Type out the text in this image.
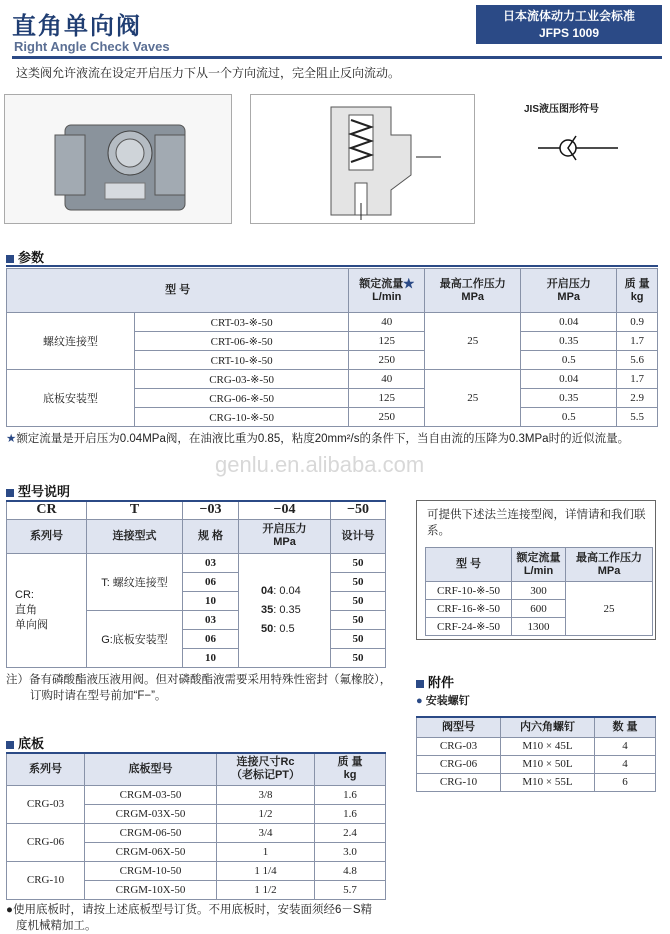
直角单向阀
Right Angle Check Vaves
日本流体动力工业会标准
JFPS 1009
这类阀允许液流在设定开启压力下从一个方向流过，完全阻止反向流动。
JIS液压图形符号
参数
型 号		额定流量★
L/min	最高工作压力
MPa	开启压力
MPa	质 量
kg
螺纹连接型	CRT-03-※-50	40	25	0.04	0.9
	CRT-06-※-50	125		0.35	1.7
	CRT-10-※-50	250		0.5	5.6
底板安装型	CRG-03-※-50	40	25	0.04	1.7
	CRG-06-※-50	125		0.35	2.9
	CRG-10-※-50	250		0.5	5.5
★额定流量是开启压为0.04MPa阀，在油液比重为0.85，粘度20mm²/s的条件下，当自由流的压降为0.3MPa时的近似流量。
genlu.en.alibaba.com
型号说明
CR	T	−03	−04	−50
系列号	连接型式	规 格	开启压力
MPa	设计号
CR:
直角
单向阀	T: 螺纹连接型	03	04: 0.04
35: 0.35
50: 0.5	50
		06		50
		10		50
	G:底板安装型	03		50
		06		50
		10		50
注）备有磷酸酯液压液用阀。但对磷酸酯液需要采用特殊性密封（氟橡胶），
订购时请在型号前加“F−”。
可提供下述法兰连接型阀，详情请和我们联系。
型 号	额定流量
L/min	最高工作压力
MPa
CRF-10-※-50	300	25
CRF-16-※-50	600	
CRF-24-※-50	1300	
附件
● 安装螺钉
阀型号	内六角螺钉	数 量
CRG-03	M10 × 45L	4
CRG-06	M10 × 50L	4
CRG-10	M10 × 55L	6
底板
系列号	底板型号	连接尺寸Rc
（老标记PT）	质 量
kg
CRG-03	CRGM-03-50	3/8	1.6
	CRGM-03X-50	1/2	1.6
CRG-06	CRGM-06-50	3/4	2.4
	CRGM-06X-50	1	3.0
CRG-10	CRGM-10-50	1 1/4	4.8
	CRGM-10X-50	1 1/2	5.7
●使用底板时，请按上述底板型号订货。不用底板时，安装面须经6－S精
度机械精加工。
